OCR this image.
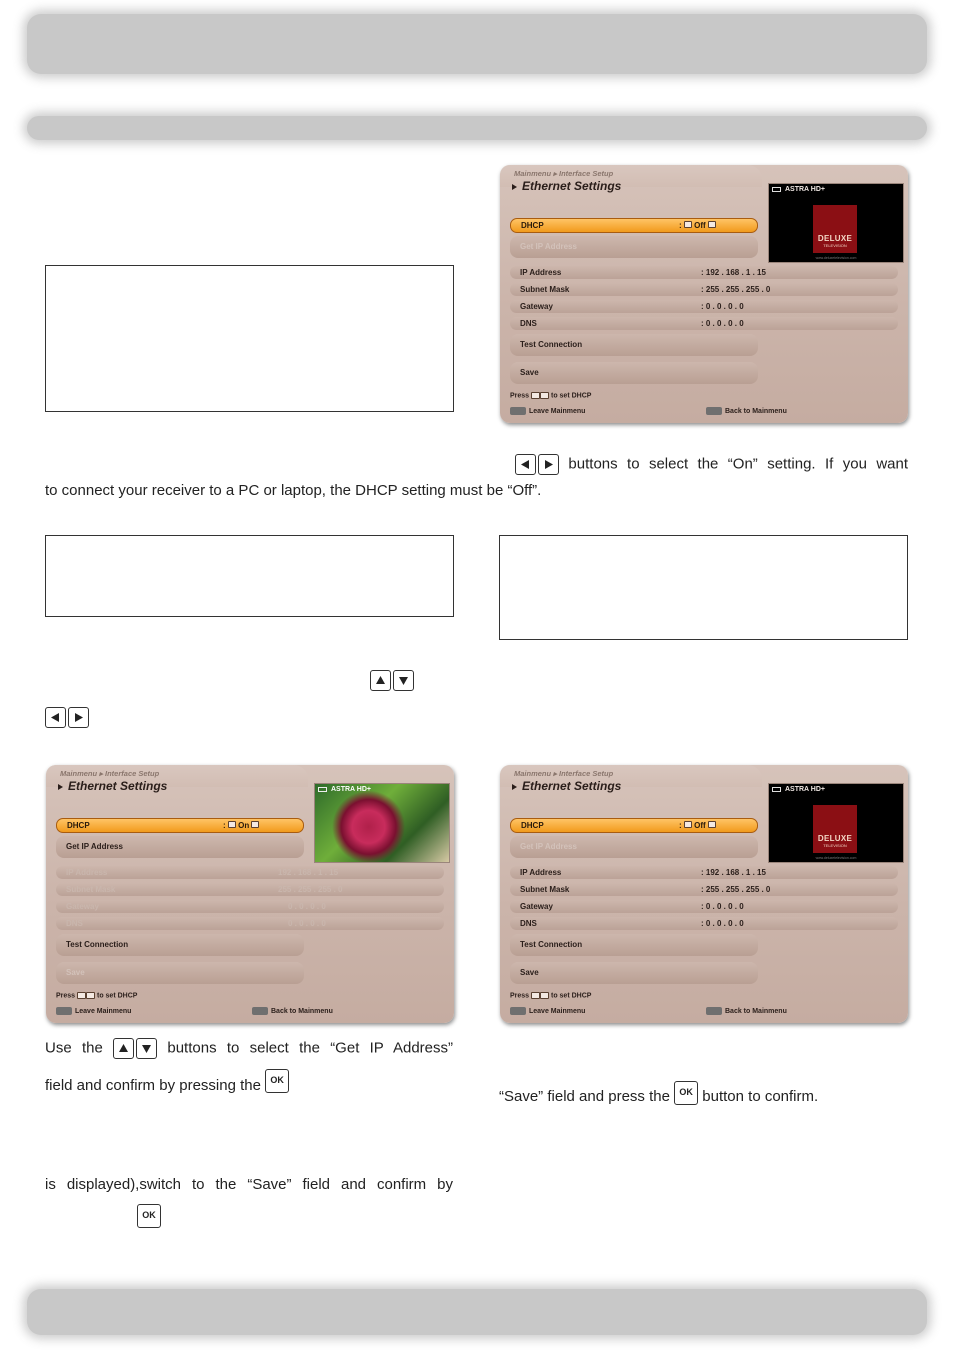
Mainmenu ▸ Interface Setup
Ethernet Settings	ASTRA HD+
DELUXE
TELEVISION
www.deluxetelevision.com
DHCP	:  Off
Get IP Address
IP Address	: 192 . 168 . 1 . 15
Subnet Mask	: 255 . 255 . 255 . 0
Gateway	: 0 . 0 . 0 . 0
DNS	: 0 . 0 . 0 . 0
Test Connection
Save
Press	to set DHCP
Leave Mainmenu	Back to Mainmenu
buttons to select the “On” setting. If you want
to connect your receiver to a PC or laptop, the DHCP setting must be “Off”.
Mainmenu ▸ Interface Setup
Ethernet Settings	ASTRA HD+
DHCP	:  On
Get IP Address
IP Address	192 . 168 . 1 . 15
Subnet Mask	255 . 255 . 255 . 0
Gateway	0 . 0 . 0 . 0
DNS	0 . 0 . 0 . 0
Test Connection
Save
Press	to set DHCP
Leave Mainmenu	Back to Mainmenu
Mainmenu ▸ Interface Setup
Ethernet Settings	ASTRA HD+
DELUXE
TELEVISION
www.deluxetelevision.com
DHCP	:  Off
Get IP Address
IP Address	: 192 . 168 . 1 . 15
Subnet Mask	: 255 . 255 . 255 . 0
Gateway	: 0 . 0 . 0 . 0
DNS	: 0 . 0 . 0 . 0
Test Connection
Save
Press	to set DHCP
Leave Mainmenu	Back to Mainmenu
Use the	buttons to select the “Get IP Address”
field and confirm by pressing the OK
is displayed),switch to the “Save” field and confirm by
OK
“Save” field and press the OK button to confirm.
